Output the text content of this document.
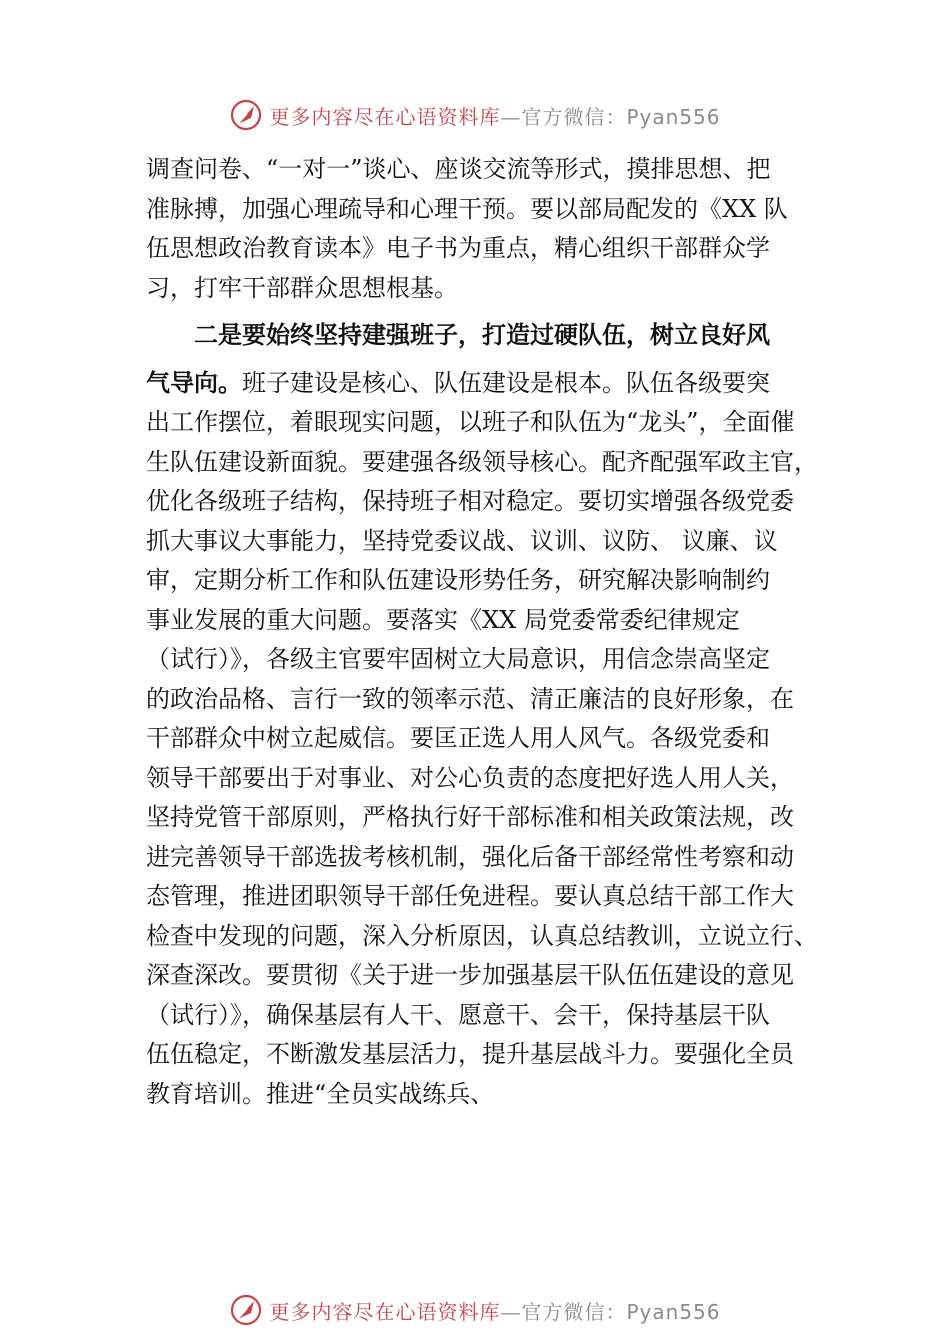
更多内容尽在心语资料库—官方微信：Pyan556
调查问卷、“一对一”谈心、座谈交流等形式，摸排思想、把
准脉搏，加强心理疏导和心理干预。要以部局配发的《XX 队
伍思想政治教育读本》电子书为重点，精心组织干部群众学
习，打牢干部群众思想根基。
二是要始终坚持建强班子，打造过硬队伍，树立良好风
气导向。班子建设是核心、队伍建设是根本。队伍各级要突
出工作摆位，着眼现实问题，以班子和队伍为“龙头”，全面催
生队伍建设新面貌。要建强各级领导核心。配齐配强军政主官，
优化各级班子结构，保持班子相对稳定。要切实增强各级党委
抓大事议大事能力，坚持党委议战、议训、议防、 议廉、议
审，定期分析工作和队伍建设形势任务，研究解决影响制约
事业发展的重大问题。要落实《XX 局党委常委纪律规定
（试行）》，各级主官要牢固树立大局意识，用信念崇高坚定
的政治品格、言行一致的领率示范、清正廉洁的良好形象，在
干部群众中树立起威信。要匡正选人用人风气。各级党委和
领导干部要出于对事业、对公心负责的态度把好选人用人关，
坚持党管干部原则，严格执行好干部标准和相关政策法规，改
进完善领导干部选拔考核机制，强化后备干部经常性考察和动
态管理，推进团职领导干部任免进程。要认真总结干部工作大
检查中发现的问题，深入分析原因，认真总结教训，立说立行、
深查深改。要贯彻《关于进一步加强基层干队伍伍建设的意见
（试行）》，确保基层有人干、愿意干、会干，保持基层干队
伍伍稳定，不断激发基层活力，提升基层战斗力。要强化全员
教育培训。推进“全员实战练兵、
更多内容尽在心语资料库—官方微信：Pyan556
